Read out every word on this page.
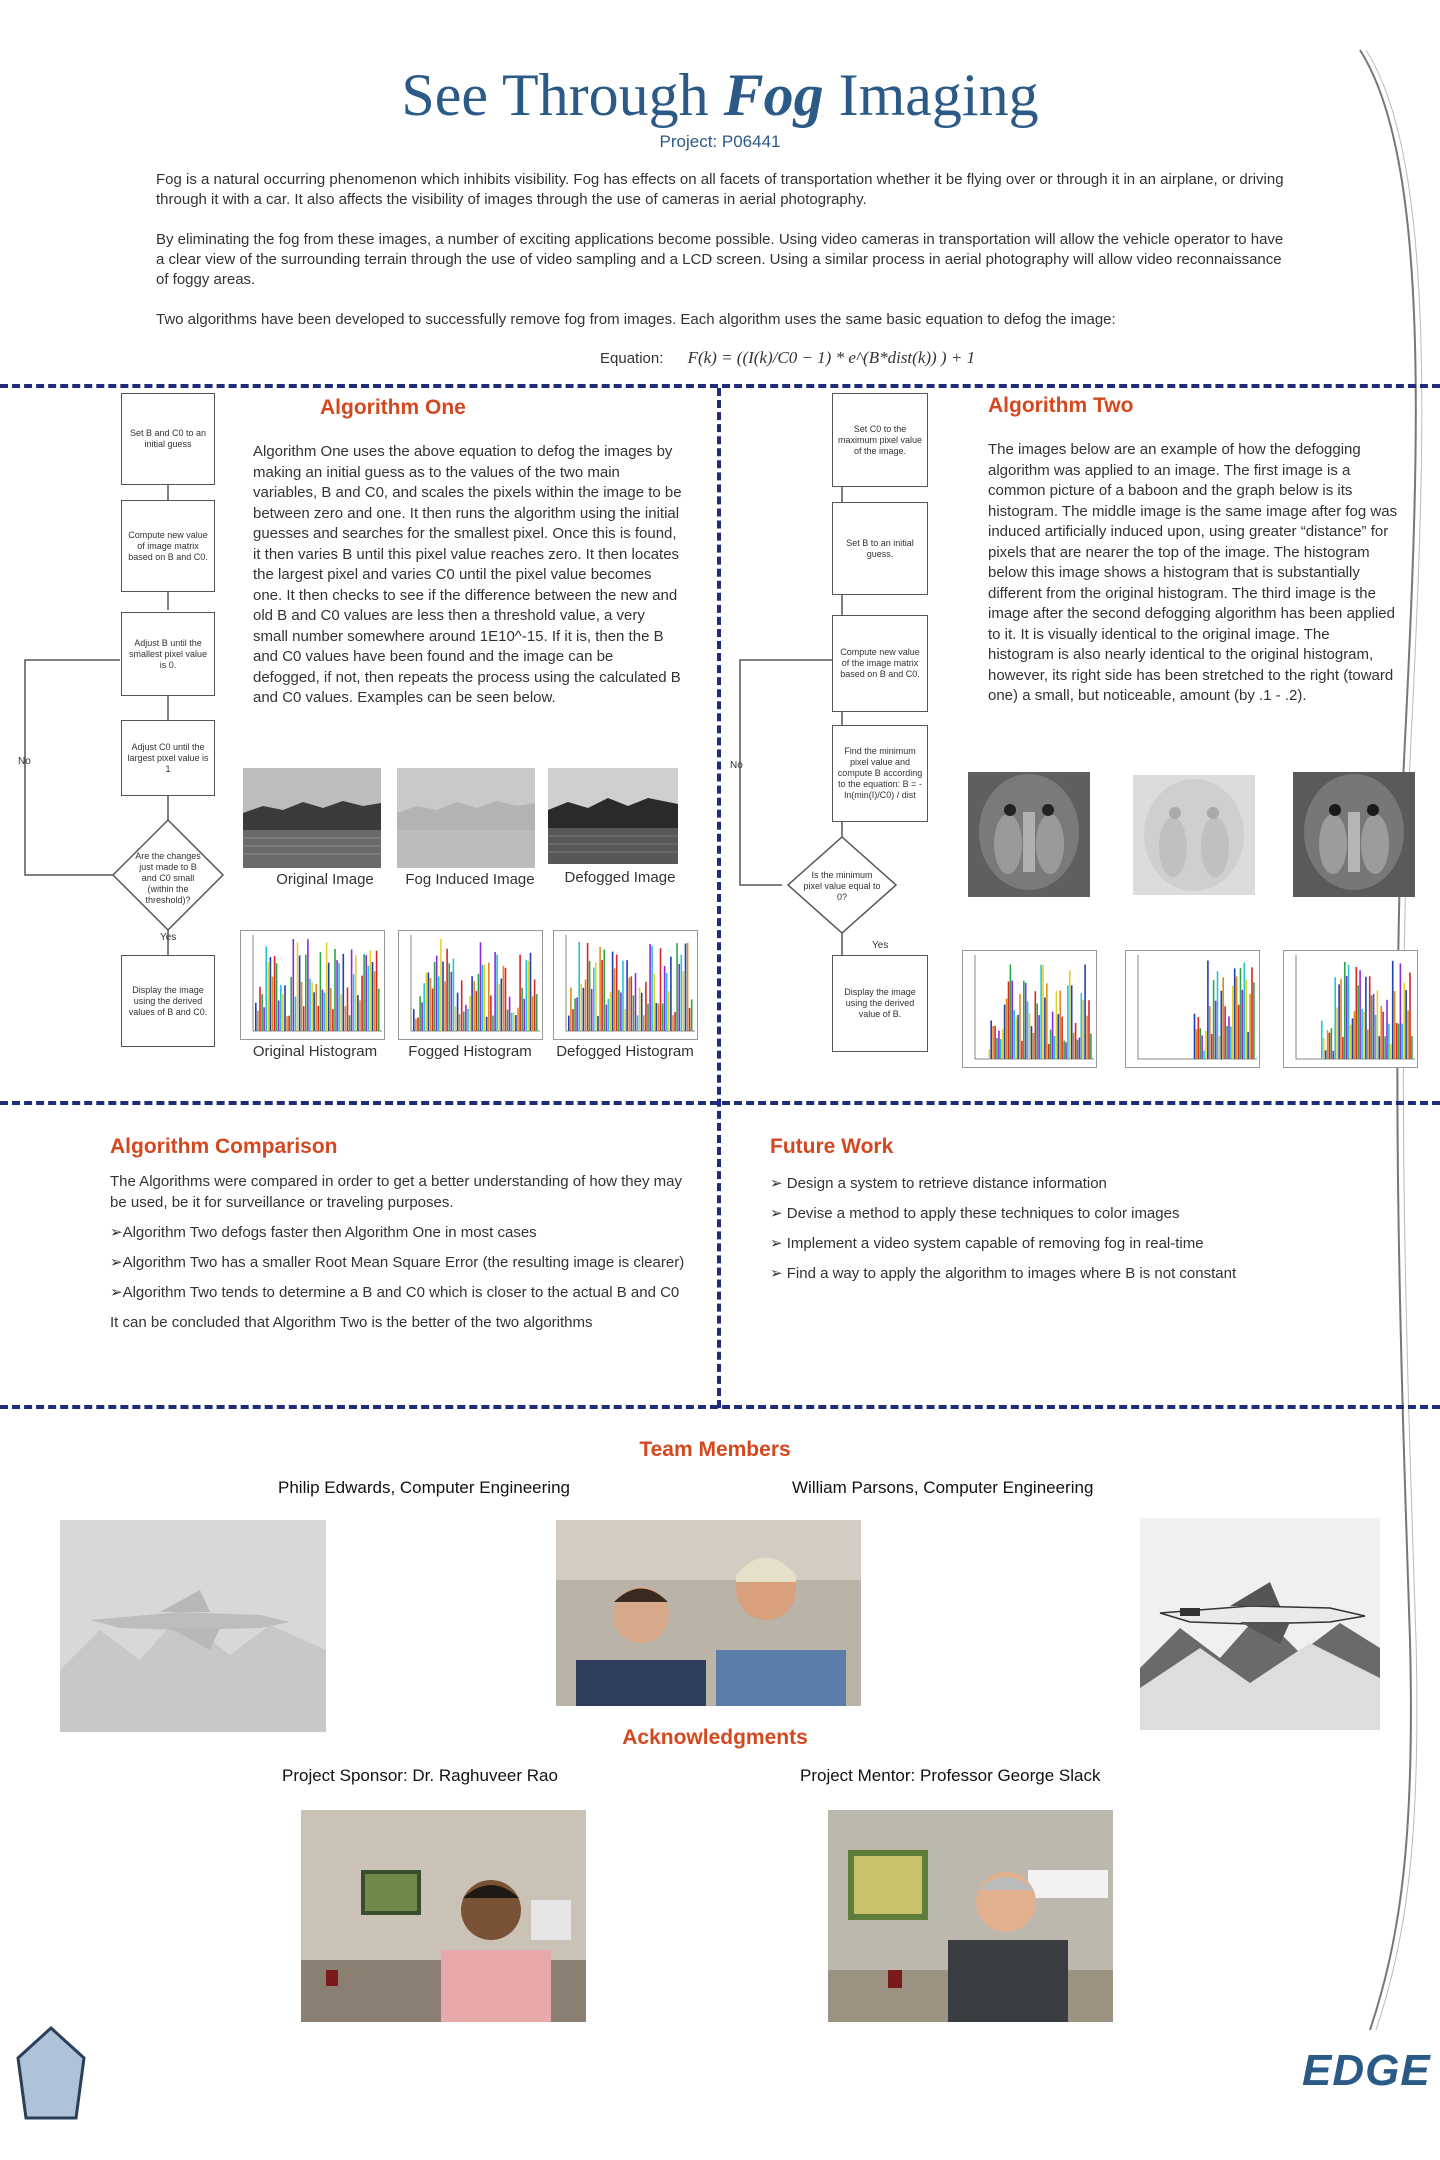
See Through Fog Imaging
Project: P06441
Fog is a natural occurring phenomenon which inhibits visibility. Fog has effects on all facets of transportation whether it be flying over or through it in an airplane, or driving through it with a car. It also affects the visibility of images through the use of cameras in aerial photography.
By eliminating the fog from these images, a number of exciting applications become possible. Using video cameras in transportation will allow the vehicle operator to have a clear view of the surrounding terrain through the use of video sampling and a LCD screen. Using a similar process in aerial photography will allow video reconnaissance of foggy areas.
Two algorithms have been developed to successfully remove fog from images. Each algorithm uses the same basic equation to defog the image:
Equation: F(k) = ((I(k)/C0 − 1) * e^(B*dist(k)) ) + 1
Set B and C0 to an initial guess
Compute new value of image matrix based on B and C0.
Adjust B until the smallest pixel value is 0.
Adjust C0 until the largest pixel value is 1
Are the changes just made to B and C0 small (within the threshold)?
Display the image using the derived values of B and C0.
No
Yes
Algorithm One
Algorithm One uses the above equation to defog the images by making an initial guess as to the values of the two main variables, B and C0, and scales the pixels within the image to be between zero and one. It then runs the algorithm using the initial guesses and searches for the smallest pixel. Once this is found, it then varies B until this pixel value reaches zero. It then locates the largest pixel and varies C0 until the pixel value becomes one. It then checks to see if the difference between the new and old B and C0 values are less then a threshold value, a very small number somewhere around 1E10^-15. If it is, then the B and C0 values have been found and the image can be defogged, if not, then repeats the process using the calculated B and C0 values. Examples can be seen below.
Original Image	Fog Induced Image	Defogged Image
Original Histogram	Fogged Histogram	Defogged Histogram
Set C0 to the maximum pixel value of the image.
Set B to an initial guess.
Compute new value of the image matrix based on B and C0.
Find the minimum pixel value and compute B according to the equation: B = -ln(min(I)/C0) / dist
Is the minimum pixel value equal to 0?
Display the image using the derived value of B.
No
Yes
Algorithm Two
The images below are an example of how the defogging algorithm was applied to an image. The first image is a common picture of a baboon and the graph below is its histogram. The middle image is the same image after fog was induced artificially induced upon, using greater “distance” for pixels that are nearer the top of the image. The histogram below this image shows a histogram that is substantially different from the original histogram. The third image is the image after the second defogging algorithm has been applied to it. It is visually identical to the original image. The histogram is also nearly identical to the original histogram, however, its right side has been stretched to the right (toward one) a small, but noticeable, amount (by .1 - .2).
Algorithm Comparison
The Algorithms were compared in order to get a better understanding of how they may be used, be it for surveillance or traveling purposes.
➢Algorithm Two defogs faster then Algorithm One in most cases
➢Algorithm Two has a smaller Root Mean Square Error (the resulting image is clearer)
➢Algorithm Two tends to determine a B and C0 which is closer to the actual B and C0
It can be concluded that Algorithm Two is the better of the two algorithms
Future Work
➢ Design a system to retrieve distance information
➢ Devise a method to apply these techniques to color images
➢ Implement a video system capable of removing fog in real-time
➢ Find a way to apply the algorithm to images where B is not constant
Team Members
Philip Edwards, Computer Engineering	William Parsons, Computer Engineering
Acknowledgments
Project Sponsor: Dr. Raghuveer Rao	Project Mentor: Professor George Slack
EDGE
